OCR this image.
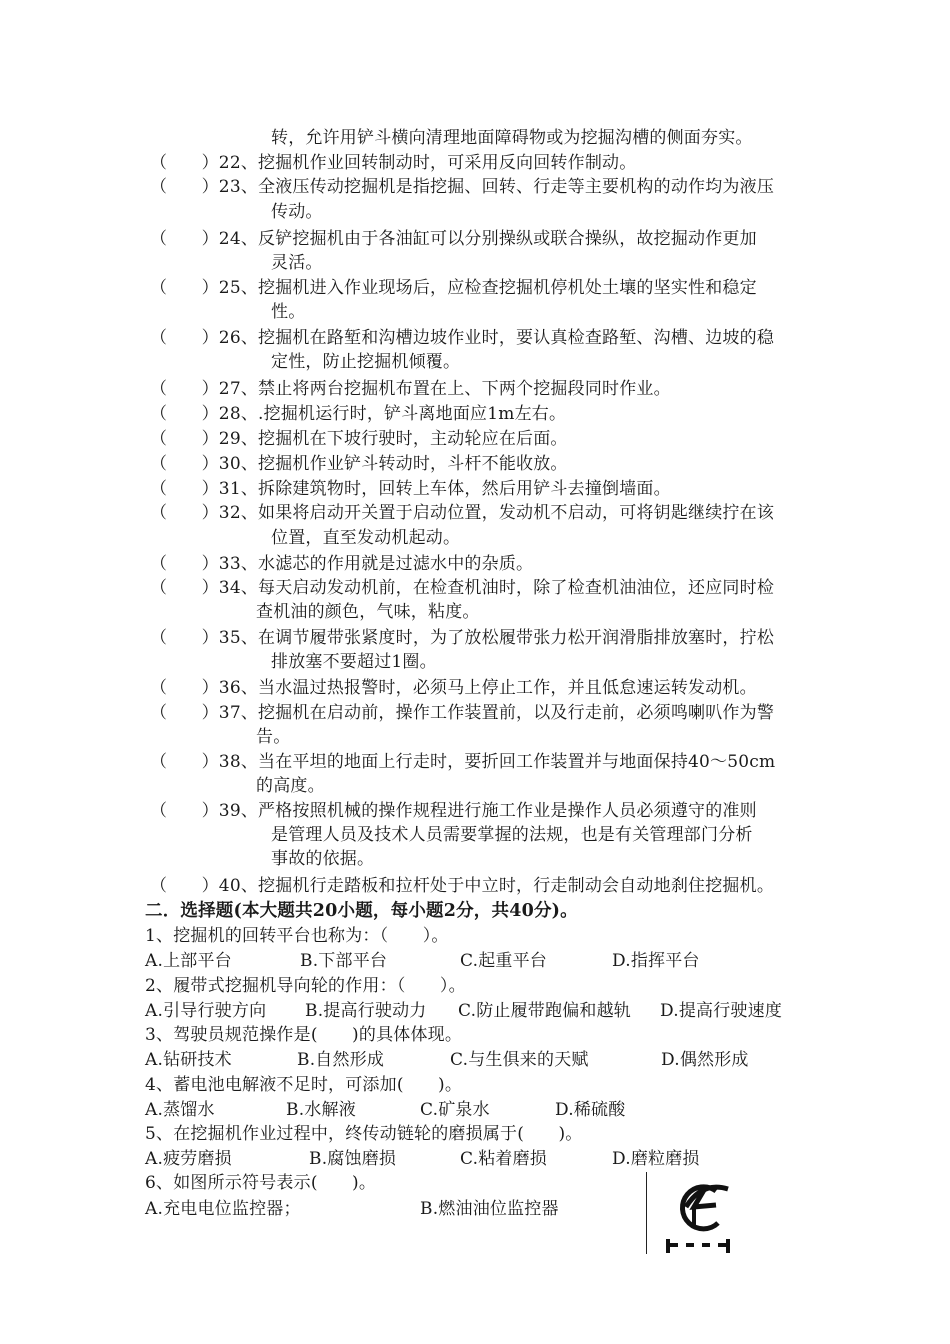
转，允许用铲斗横向清理地面障碍物或为挖掘沟槽的侧面夯实。
（　　）22、挖掘机作业回转制动时，可采用反向回转作制动。
（　　）23、全液压传动挖掘机是指挖掘、回转、行走等主要机构的动作均为液压
传动。
（　　）24、反铲挖掘机由于各油缸可以分别操纵或联合操纵，故挖掘动作更加
灵活。
（　　）25、挖掘机进入作业现场后，应检查挖掘机停机处土壤的坚实性和稳定
性。
（　　）26、挖掘机在路堑和沟槽边坡作业时，要认真检查路堑、沟槽、边坡的稳
定性，防止挖掘机倾覆。
（　　）27、禁止将两台挖掘机布置在上、下两个挖掘段同时作业。
（　　）28、.挖掘机运行时，铲斗离地面应1m左右。
（　　）29、挖掘机在下坡行驶时，主动轮应在后面。
（　　）30、挖掘机作业铲斗转动时，斗杆不能收放。
（　　）31、拆除建筑物时，回转上车体，然后用铲斗去撞倒墙面。
（　　）32、如果将启动开关置于启动位置，发动机不启动，可将钥匙继续拧在该
位置，直至发动机起动。
（　　）33、水滤芯的作用就是过滤水中的杂质。
（　　）34、每天启动发动机前，在检查机油时，除了检查机油油位，还应同时检
查机油的颜色，气味，粘度。
（　　）35、在调节履带张紧度时，为了放松履带张力松开润滑脂排放塞时，拧松
排放塞不要超过1圈。
（　　）36、当水温过热报警时，必须马上停止工作，并且低怠速运转发动机。
（　　）37、挖掘机在启动前，操作工作装置前，以及行走前，必须鸣喇叭作为警
告。
（　　）38、当在平坦的地面上行走时，要折回工作装置并与地面保持40～50cm
的高度。
（　　）39、严格按照机械的操作规程进行施工作业是操作人员必须遵守的准则
是管理人员及技术人员需要掌握的法规，也是有关管理部门分析
事故的依据。
（　　）40、挖掘机行走踏板和拉杆处于中立时，行走制动会自动地刹住挖掘机。
二．选择题(本大题共20小题，每小题2分，共40分)。
1、挖掘机的回转平台也称为：（　　）。
A.上部平台	B.下部平台	C.起重平台	D.指挥平台
2、履带式挖掘机导向轮的作用：（　　）。
A.引导行驶方向 B.提高行驶动力 C.防止履带跑偏和越轨 D.提高行驶速度
3、驾驶员规范操作是(　　)的具体体现。
A.钻研技术	B.自然形成	C.与生俱来的天赋	D.偶然形成
4、蓄电池电解液不足时，可添加(　　)。
A.蒸馏水	B.水解液	C.矿泉水	D.稀硫酸
5、在挖掘机作业过程中，终传动链轮的磨损属于(　　)。
A.疲劳磨损	B.腐蚀磨损	C.粘着磨损	D.磨粒磨损
6、如图所示符号表示(　　)。
A.充电电位监控器；	B.燃油油位监控器
